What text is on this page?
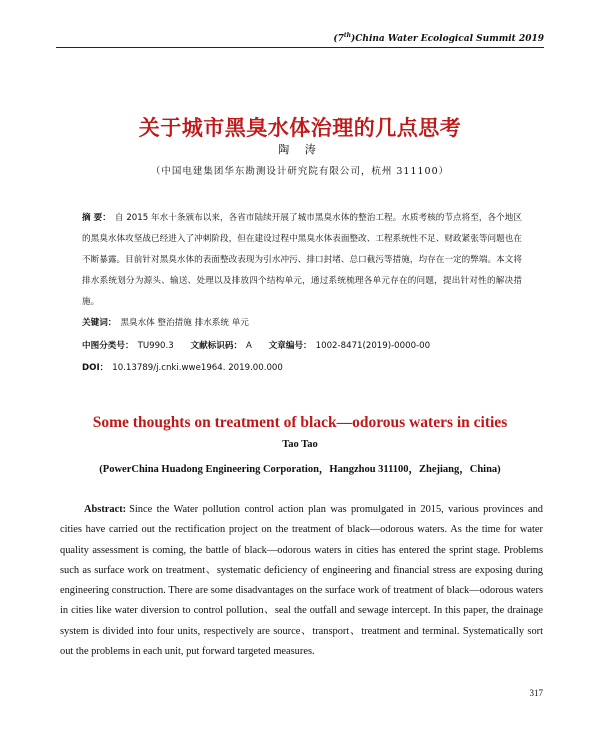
(7th)China Water Ecological Summit 2019
关于城市黑臭水体治理的几点思考
陶 涛
（中国电建集团华东勘测设计研究院有限公司，杭州 311100）
摘 要： 自 2015 年水十条颁布以来，各省市陆续开展了城市黑臭水体的整治工程。水质考核的节点将至，各个地区的黑臭水体攻坚战已经进入了冲刺阶段，但在建设过程中黑臭水体表面整改、工程系统性不足、财政紧张等问题也在不断暴露。目前针对黑臭水体的表面整改表现为引水冲污、排口封堵、总口截污等措施，均存在一定的弊端。本文将排水系统划分为源头、输送、处理以及排放四个结构单元，通过系统梳理各单元存在的问题，提出针对性的解决措施。
关键词： 黑臭水体 整治措施 排水系统 单元
中图分类号： TU990.3 文献标识码： A 文章编号： 1002-8471(2019)-0000-00
DOI： 10.13789/j.cnki.wwe1964. 2019.00.000
Some thoughts on treatment of black—odorous waters in cities
Tao Tao
(PowerChina Huadong Engineering Corporation，Hangzhou 311100，Zhejiang，China)
Abstract: Since the Water pollution control action plan was promulgated in 2015, various provinces and cities have carried out the rectification project on the treatment of black—odorous waters. As the time for water quality assessment is coming, the battle of black—odorous waters in cities has entered the sprint stage. Problems such as surface work on treatment、systematic deficiency of engineering and financial stress are exposing during engineering construction. There are some disadvantages on the surface work of treatment of black—odorous waters in cities like water diversion to control pollution、seal the outfall and sewage intercept. In this paper, the drainage system is divided into four units, respectively are source、transport、treatment and terminal. Systematically sort out the problems in each unit, put forward targeted measures.
317
